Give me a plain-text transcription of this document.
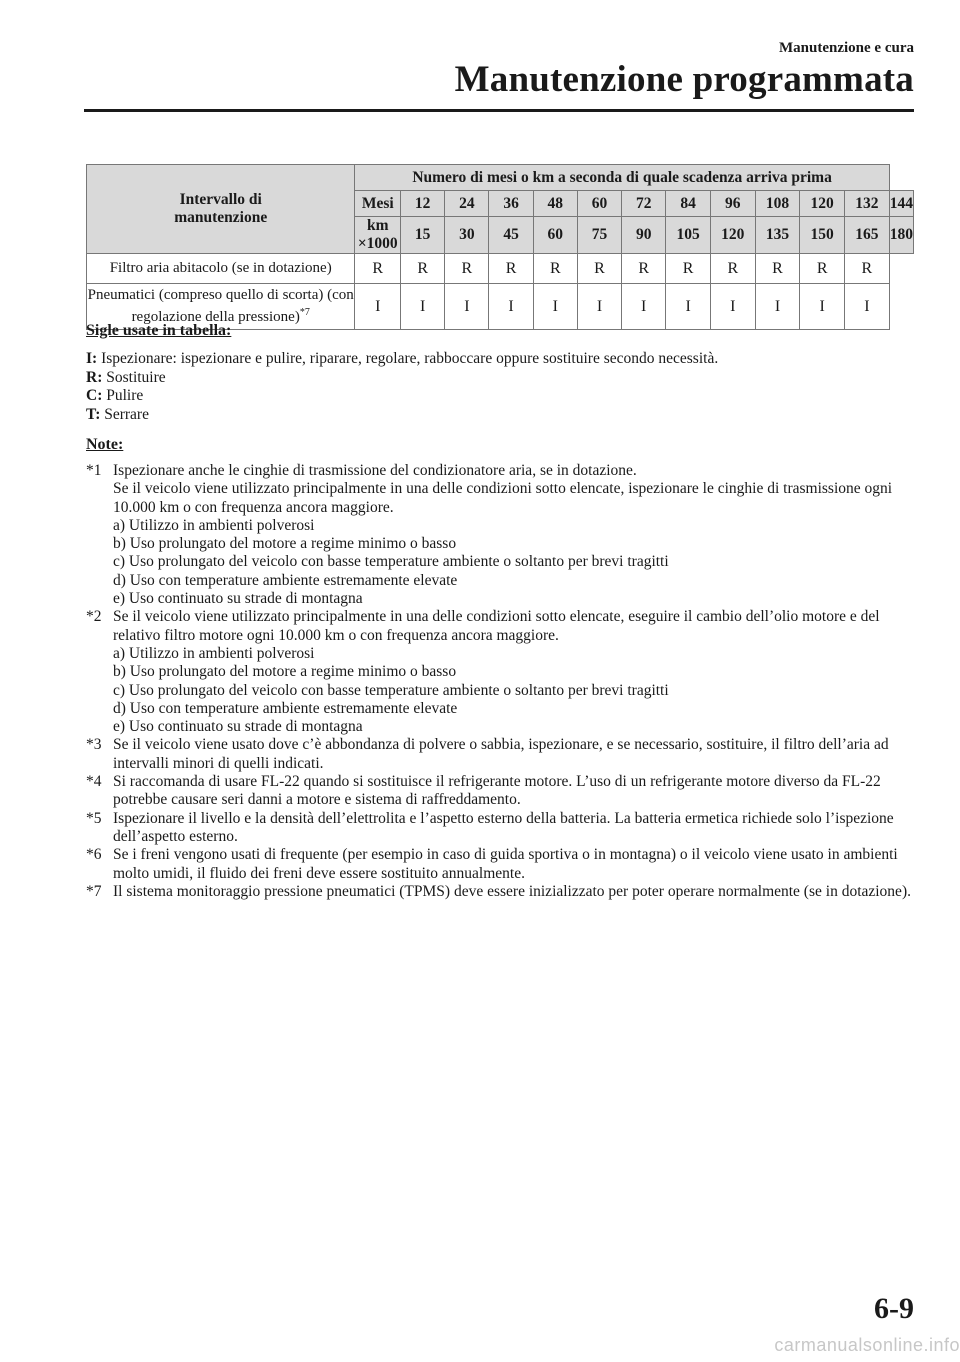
Manutenzione e cura
Manutenzione programmata
Intervallo di manutenzione	Numero di mesi o km a seconda di quale scadenza arriva prima												
	Mesi	12	24	36	48	60	72	84	96	108	120	132	144
	km ×1000	15	30	45	60	75	90	105	120	135	150	165	180
Filtro aria abitacolo (se in dotazione)	R	R	R	R	R	R	R	R	R	R	R	R	
Pneumatici (compreso quello di scorta) (con regolazione della pressione)$^{*7}$	I	I	I	I	I	I	I	I	I	I	I	I	
Sigle usate in tabella:
I: Ispezionare: ispezionare e pulire, riparare, regolare, rabboccare oppure sostituire secondo necessità.
R: Sostituire
C: Pulire
T: Serrare
Note:
*1 Ispezionare anche le cinghie di trasmissione del condizionatore aria, se in dotazione.
Se il veicolo viene utilizzato principalmente in una delle condizioni sotto elencate, ispezionare le cinghie di trasmissione ogni 10.000 km o con frequenza ancora maggiore.
a) Utilizzo in ambienti polverosi
b) Uso prolungato del motore a regime minimo o basso
c) Uso prolungato del veicolo con basse temperature ambiente o soltanto per brevi tragitti
d) Uso con temperature ambiente estremamente elevate
e) Uso continuato su strade di montagna
*2 Se il veicolo viene utilizzato principalmente in una delle condizioni sotto elencate, eseguire il cambio dell’olio motore e del relativo filtro motore ogni 10.000 km o con frequenza ancora maggiore.
a) Utilizzo in ambienti polverosi
b) Uso prolungato del motore a regime minimo o basso
c) Uso prolungato del veicolo con basse temperature ambiente o soltanto per brevi tragitti
d) Uso con temperature ambiente estremamente elevate
e) Uso continuato su strade di montagna
*3 Se il veicolo viene usato dove c’è abbondanza di polvere o sabbia, ispezionare, e se necessario, sostituire, il filtro dell’aria ad intervalli minori di quelli indicati.
*4 Si raccomanda di usare FL-22 quando si sostituisce il refrigerante motore. L’uso di un refrigerante motore diverso da FL-22 potrebbe causare seri danni a motore e sistema di raffreddamento.
*5 Ispezionare il livello e la densità dell’elettrolita e l’aspetto esterno della batteria. La batteria ermetica richiede solo l’ispezione dell’aspetto esterno.
*6 Se i freni vengono usati di frequente (per esempio in caso di guida sportiva o in montagna) o il veicolo viene usato in ambienti molto umidi, il fluido dei freni deve essere sostituito annualmente.
*7 Il sistema monitoraggio pressione pneumatici (TPMS) deve essere inizializzato per poter operare normalmente (se in dotazione).
6-9
carmanualsonline.info
